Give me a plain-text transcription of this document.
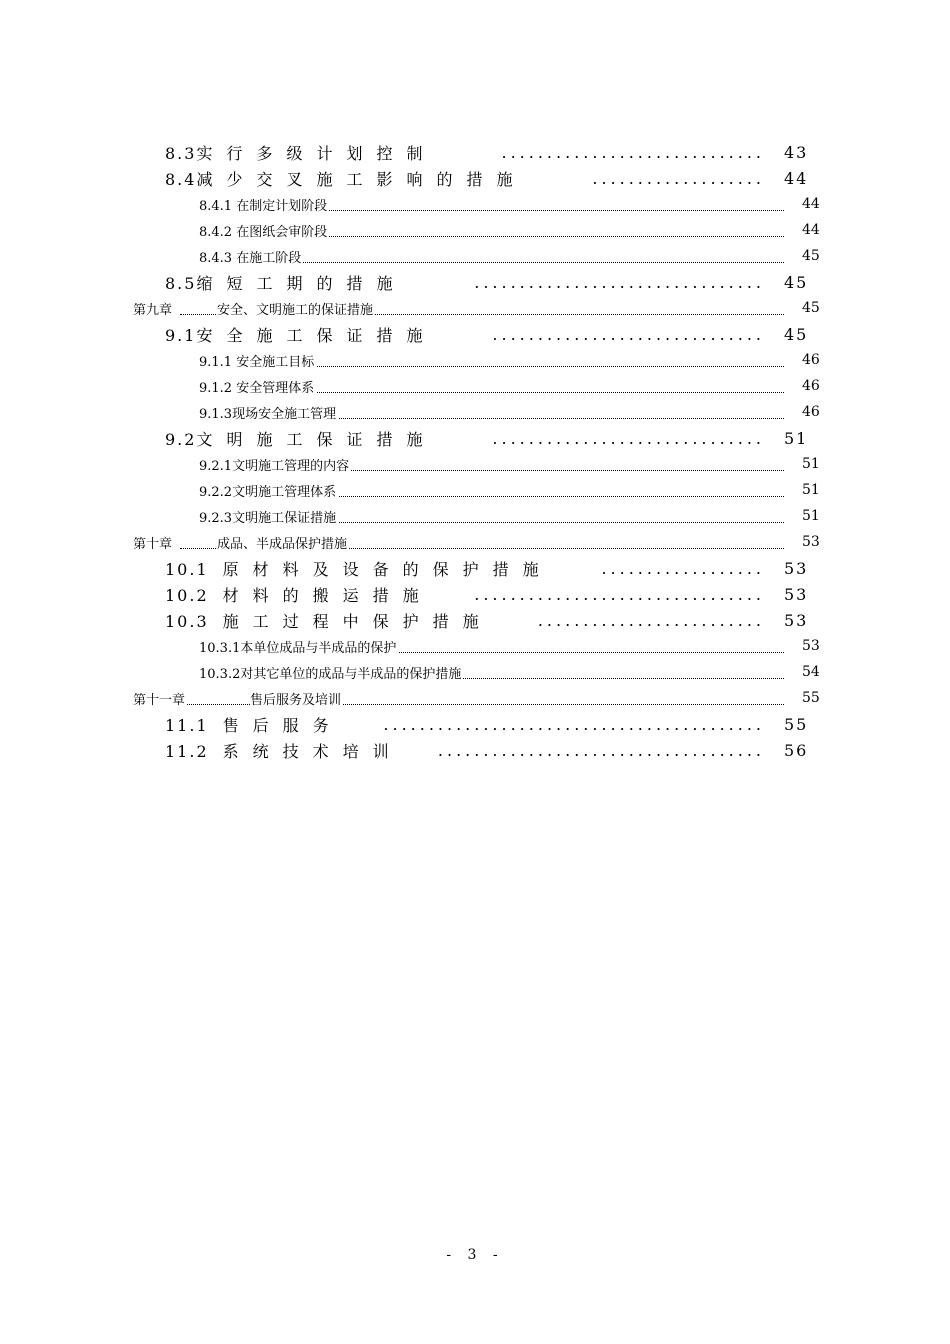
8.3实行多级计划控制	............................. 43
8.4减少交叉施工影响的措施	................... 44
8.4.1 在制定计划阶段	44
8.4.2 在图纸会审阶段	44
8.4.3 在施工阶段	45
8.5缩短工期的措施	................................ 45
第九章	安全、文明施工的保证措施	45
9.1安全施工保证措施	.............................. 45
9.1.1 安全施工目标	46
9.1.2 安全管理体系	46
9.1.3现场安全施工管理	46
9.2文明施工保证措施	.............................. 51
9.2.1文明施工管理的内容	51
9.2.2文明施工管理体系	51
9.2.3文明施工保证措施	51
第十章	成品、半成品保护措施	53
10.1 原材料及设备的保护措施	.................. 53
10.2 材料的搬运措施	................................ 53
10.3 施工过程中保护措施	......................... 53
10.3.1本单位成品与半成品的保护	53
10.3.2对其它单位的成品与半成品的保护措施	54
第十一章	售后服务及培训	55
11.1 售后服务	.......................................... 55
11.2 系统技术培训 .................................... 56
- 3 -
